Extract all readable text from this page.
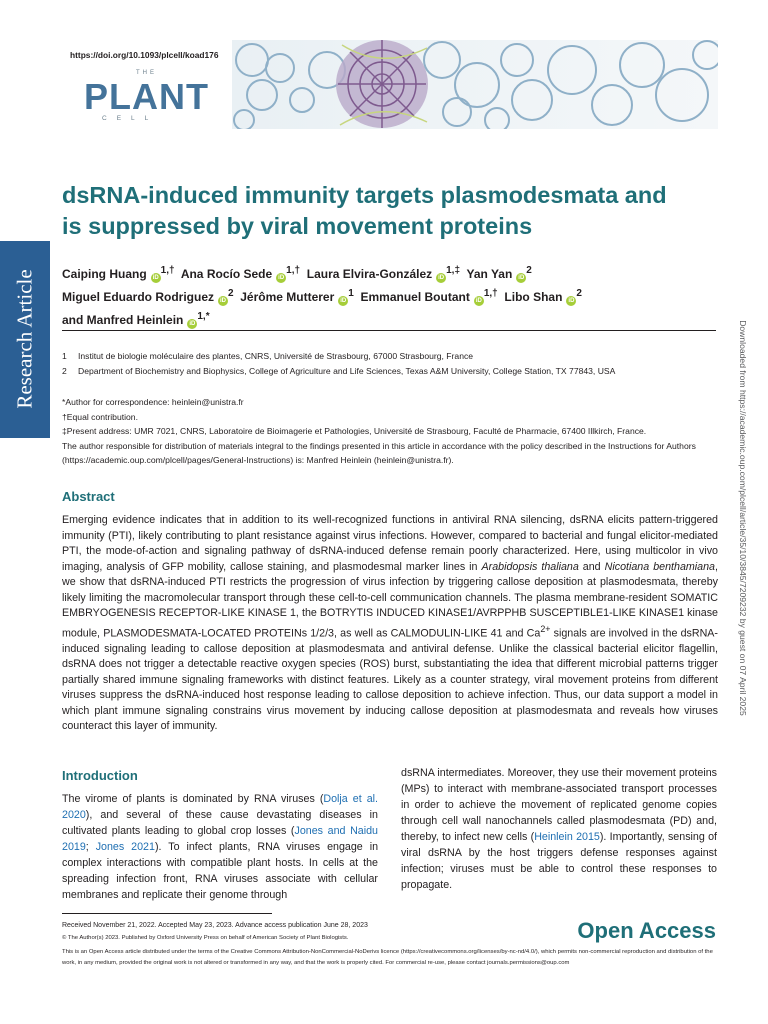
https://doi.org/10.1093/plcell/koad176
THE
PLANT
CELL
Research Article	Downloaded from https://academic.oup.com/plcell/article/35/10/3845/7209232 by guest on 07 April 2025
dsRNA-induced immunity targets plasmodesmata and
is suppressed by viral movement proteins
Caiping HuangiD $^{1,\dagger}$ Ana Rocío SedeiD $^{1,\dagger}$ Laura Elvira-GonzáleziD $^{1,\ddagger}$ Yan YaniD $^2$
Miguel Eduardo RodrigueziD $^2$ Jérôme MuttereriD $^1$ Emmanuel BoutantiD $^{1,\dagger}$ Libo ShaniD $^2$
and Manfred HeinleiniD $^{1,*}$
1 Institut de biologie moléculaire des plantes, CNRS, Université de Strasbourg, 67000 Strasbourg, France
2 Department of Biochemistry and Biophysics, College of Agriculture and Life Sciences, Texas A&M University, College Station, TX 77843, USA
*Author for correspondence: heinlein@unistra.fr
†Equal contribution.
‡Present address: UMR 7021, CNRS, Laboratoire de Bioimagerie et Pathologies, Université de Strasbourg, Faculté de Pharmacie, 67400 Illkirch, France.
The author responsible for distribution of materials integral to the findings presented in this article in accordance with the policy described in the Instructions for Authors (https://academic.oup.com/plcell/pages/General-Instructions) is: Manfred Heinlein (heinlein@unistra.fr).
Abstract

Emerging evidence indicates that in addition to its well-recognized functions in antiviral RNA silencing, dsRNA elicits pattern-triggered immunity (PTI), likely contributing to plant resistance against virus infections. However, compared to bacterial and fungal elicitor-mediated PTI, the mode-of-action and signaling pathway of dsRNA-induced defense remain poorly characterized. Here, using multicolor in vivo imaging, analysis of GFP mobility, callose staining, and plasmodesmal marker lines in Arabidopsis thaliana and Nicotiana benthamiana, we show that dsRNA-induced PTI restricts the progression of virus infection by triggering callose deposition at plasmodesmata, thereby likely limiting the macromolecular transport through these cell-to-cell communication channels. The plasma membrane-resident SOMATIC EMBRYOGENESIS RECEPTOR-LIKE KINASE 1, the BOTRYTIS INDUCED KINASE1/AVRPPHB SUSCEPTIBLE1-LIKE KINASE1 kinase module, PLASMODESMATA-LOCATED PROTEINs 1/2/3, as well as CALMODULIN-LIKE 41 and $Ca^{2+}$ signals are involved in the dsRNA-induced signaling leading to callose deposition at plasmodesmata and antiviral defense. Unlike the classical bacterial elicitor flagellin, dsRNA does not trigger a detectable reactive oxygen species (ROS) burst, substantiating the idea that different microbial patterns trigger partially shared immune signaling frameworks with distinct features. Likely as a counter strategy, viral movement proteins from different viruses suppress the dsRNA-induced host response leading to callose deposition to achieve infection. Thus, our data support a model in which plant immune signaling constrains virus movement by inducing callose deposition at plasmodesmata and reveals how viruses counteract this layer of immunity.

Introduction

The virome of plants is dominated by RNA viruses (Dolja et al. 2020), and several of these cause devastating diseases in cultivated plants leading to global crop losses (Jones and Naidu 2019; Jones 2021). To infect plants, RNA viruses engage in complex interactions with compatible plant hosts. In cells at the spreading infection front, RNA viruses associate with cellular membranes and replicate their genome through

dsRNA intermediates. Moreover, they use their movement proteins (MPs) to interact with membrane-associated transport processes in order to achieve the movement of replicated genome copies through cell wall nanochannels called plasmodesmata (PD) and, thereby, to infect new cells (Heinlein 2015). Importantly, sensing of viral dsRNA by the host triggers defense responses against infection; viruses must be able to control these responses to propagate.

Received November 21, 2022. Accepted May 23, 2023. Advance access publication June 28, 2023
© The Author(s) 2023. Published by Oxford University Press on behalf of American Society of Plant Biologists.
This is an Open Access article distributed under the terms of the Creative Commons Attribution-NonCommercial-NoDerivs licence (https://creativecommons.org/licenses/by-nc-nd/4.0/), which permits non-commercial reproduction and distribution of the work, in any medium, provided the original work is not altered or transformed in any way, and that the work is properly cited. For commercial re-use, please contact journals.permissions@oup.com
Open Access
